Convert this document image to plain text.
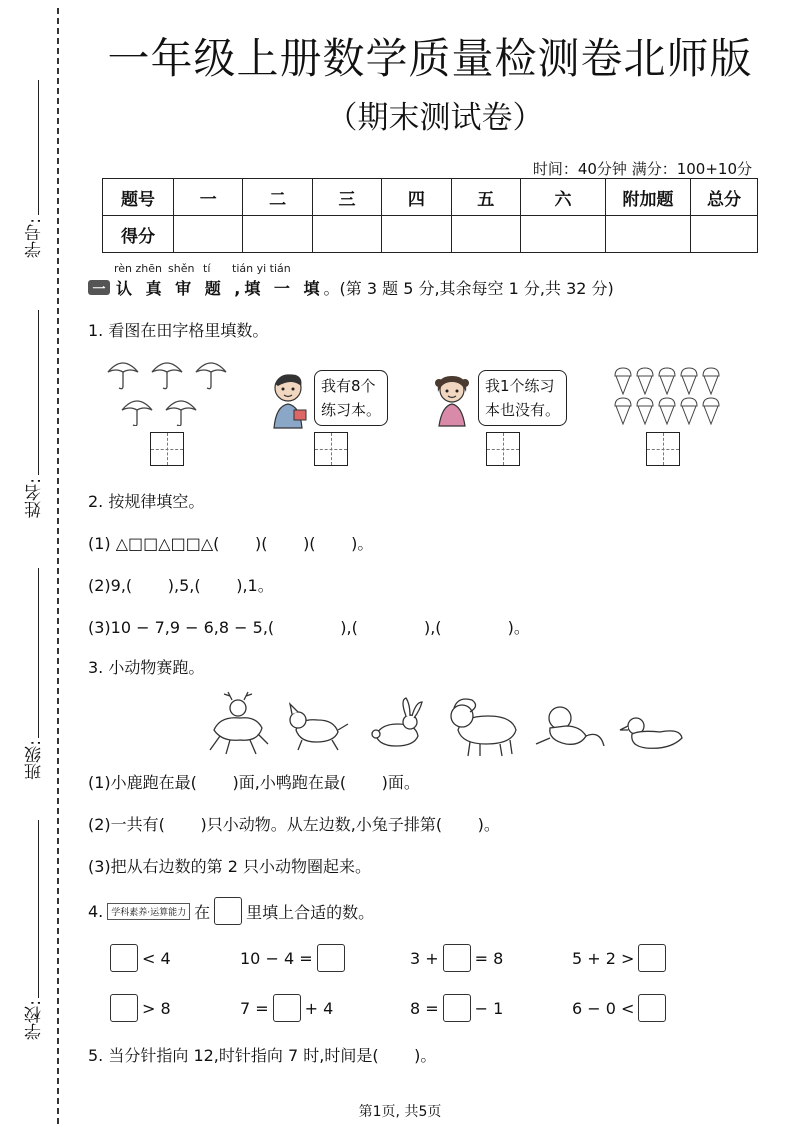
学号:
姓名:
班级:
学校:
一年级上册数学质量检测卷北师版
（期末测试卷）
时间：40分钟 满分：100+10分
题号	一	二	三	四	五	六	附加题	总分
得分								
rèn zhēn shěn tí tián yi tián
一 认 真 审 题 ,填 一 填 。(第 3 题 5 分,其余每空 1 分,共 32 分)
1. 看图在田字格里填数。
我有8个
练习本。
我1个练习
本也没有。
2. 按规律填空。
(1) △□□△□□△(       )(       )(       )。
(2)9,(       ),5,(       ),1。
(3)10 − 7,9 − 6,8 − 5,(             ),(             ),(             )。
3. 小动物赛跑。
(1)小鹿跑在最(       )面,小鸭跑在最(       )面。
(2)一共有(       )只小动物。从左边数,小兔子排第(       )。
(3)把从右边数的第 2 只小动物圈起来。
4. 学科素养·运算能力 在 里填上合适的数。
< 4	10 − 4 =	3 + = 8	5 + 2 >
> 8	7 = + 4	8 = − 1	6 − 0 <
5. 当分针指向 12,时针指向 7 时,时间是(       )。
第1页, 共5页
